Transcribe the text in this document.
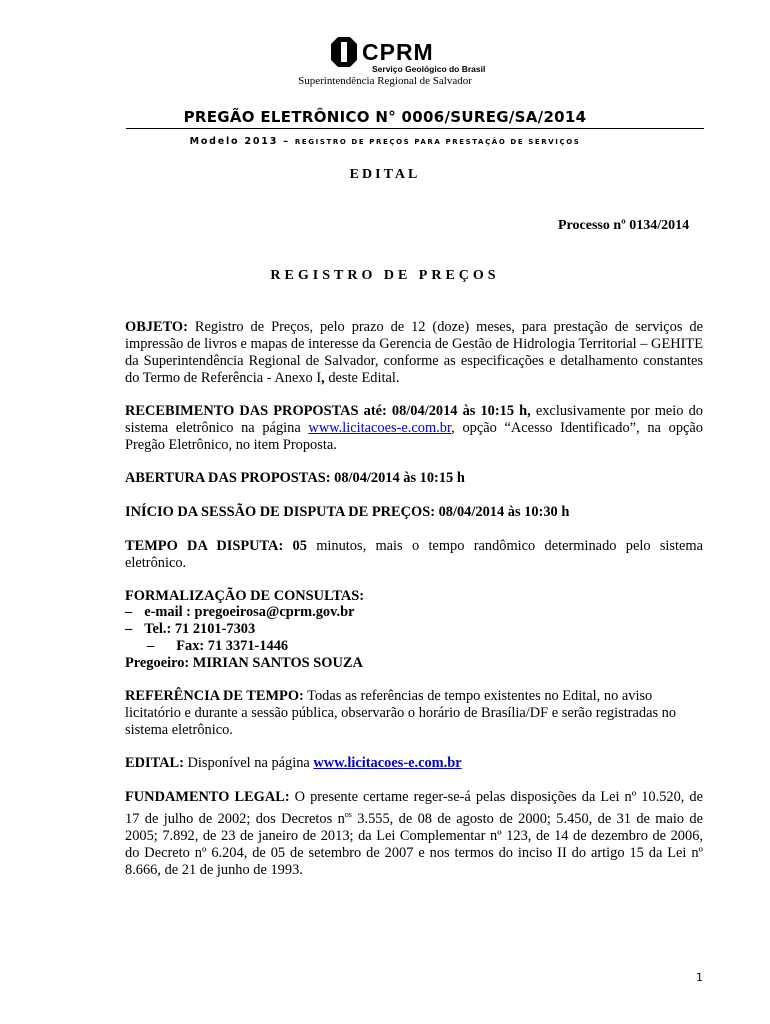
CPRM
Serviço Geológico do Brasil
Superintendência Regional de Salvador
PREGÃO ELETRÔNICO N° 0006/SUREG/SA/2014
Modelo 2013 – REGISTRO DE PREÇOS PARA PRESTAÇÃO DE SERVIÇOS
EDITAL
Processo nº 0134/2014
REGISTRO DE PREÇOS
OBJETO: Registro de Preços, pelo prazo de 12 (doze) meses, para prestação de serviços de impressão de livros e mapas de interesse da Gerencia de Gestão de Hidrologia Territorial – GEHITE da Superintendência Regional de Salvador, conforme as especificações e detalhamento constantes do Termo de Referência - Anexo I, deste Edital.
RECEBIMENTO DAS PROPOSTAS até: 08/04/2014 às 10:15 h, exclusivamente por meio do sistema eletrônico na página www.licitacoes-e.com.br, opção “Acesso Identificado”, na opção Pregão Eletrônico, no item Proposta.
ABERTURA DAS PROPOSTAS: 08/04/2014 às 10:15 h
INÍCIO DA SESSÃO DE DISPUTA DE PREÇOS: 08/04/2014 às 10:30 h
TEMPO DA DISPUTA: 05 minutos, mais o tempo randômico determinado pelo sistema eletrônico.
FORMALIZAÇÃO DE CONSULTAS:
– e-mail : pregoeirosa@cprm.gov.br
– Tel.: 71 2101-7303
– Fax: 71 3371-1446
Pregoeiro: MIRIAN SANTOS SOUZA
REFERÊNCIA DE TEMPO: Todas as referências de tempo existentes no Edital, no aviso licitatório e durante a sessão pública, observarão o horário de Brasília/DF e serão registradas no sistema eletrônico.
EDITAL: Disponível na página www.licitacoes-e.com.br
FUNDAMENTO LEGAL: O presente certame reger-se-á pelas disposições da Lei nº 10.520, de 17 de julho de 2002; dos Decretos $n^{os}$ 3.555, de 08 de agosto de 2000; 5.450, de 31 de maio de 2005; 7.892, de 23 de janeiro de 2013; da Lei Complementar nº 123, de 14 de dezembro de 2006, do Decreto nº 6.204, de 05 de setembro de 2007 e nos termos do inciso II do artigo 15 da Lei nº 8.666, de 21 de junho de 1993.
1
